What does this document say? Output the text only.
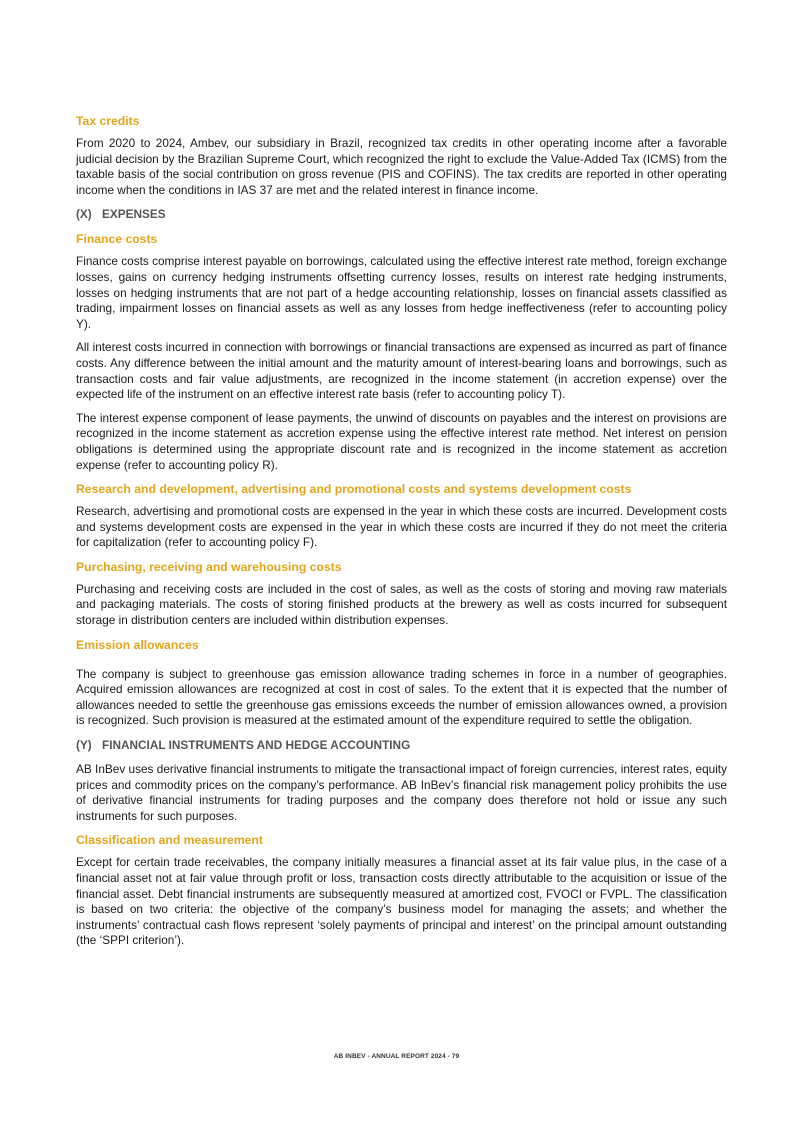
Tax credits

From 2020 to 2024, Ambev, our subsidiary in Brazil, recognized tax credits in other operating income after a favorable judicial decision by the Brazilian Supreme Court, which recognized the right to exclude the Value-Added Tax (ICMS) from the taxable basis of the social contribution on gross revenue (PIS and COFINS). The tax credits are reported in other operating income when the conditions in IAS 37 are met and the related interest in finance income.

(X) EXPENSES
Finance costs

Finance costs comprise interest payable on borrowings, calculated using the effective interest rate method, foreign exchange losses, gains on currency hedging instruments offsetting currency losses, results on interest rate hedging instruments, losses on hedging instruments that are not part of a hedge accounting relationship, losses on financial assets classified as trading, impairment losses on financial assets as well as any losses from hedge ineffectiveness (refer to accounting policy Y).

All interest costs incurred in connection with borrowings or financial transactions are expensed as incurred as part of finance costs. Any difference between the initial amount and the maturity amount of interest-bearing loans and borrowings, such as transaction costs and fair value adjustments, are recognized in the income statement (in accretion expense) over the expected life of the instrument on an effective interest rate basis (refer to accounting policy T).

The interest expense component of lease payments, the unwind of discounts on payables and the interest on provisions are recognized in the income statement as accretion expense using the effective interest rate method. Net interest on pension obligations is determined using the appropriate discount rate and is recognized in the income statement as accretion expense (refer to accounting policy R).

Research and development, advertising and promotional costs and systems development costs

Research, advertising and promotional costs are expensed in the year in which these costs are incurred. Development costs and systems development costs are expensed in the year in which these costs are incurred if they do not meet the criteria for capitalization (refer to accounting policy F).

Purchasing, receiving and warehousing costs

Purchasing and receiving costs are included in the cost of sales, as well as the costs of storing and moving raw materials and packaging materials. The costs of storing finished products at the brewery as well as costs incurred for subsequent storage in distribution centers are included within distribution expenses.

Emission allowances

The company is subject to greenhouse gas emission allowance trading schemes in force in a number of geographies. Acquired emission allowances are recognized at cost in cost of sales. To the extent that it is expected that the number of allowances needed to settle the greenhouse gas emissions exceeds the number of emission allowances owned, a provision is recognized. Such provision is measured at the estimated amount of the expenditure required to settle the obligation.

(Y) FINANCIAL INSTRUMENTS AND HEDGE ACCOUNTING

AB InBev uses derivative financial instruments to mitigate the transactional impact of foreign currencies, interest rates, equity prices and commodity prices on the company’s performance. AB InBev’s financial risk management policy prohibits the use of derivative financial instruments for trading purposes and the company does therefore not hold or issue any such instruments for such purposes.

Classification and measurement

Except for certain trade receivables, the company initially measures a financial asset at its fair value plus, in the case of a financial asset not at fair value through profit or loss, transaction costs directly attributable to the acquisition or issue of the financial asset. Debt financial instruments are subsequently measured at amortized cost, FVOCI or FVPL. The classification is based on two criteria: the objective of the company’s business model for managing the assets; and whether the instruments’ contractual cash flows represent ‘solely payments of principal and interest’ on the principal amount outstanding (the ‘SPPI criterion’).

AB INBEV - ANNUAL REPORT 2024 - 79
